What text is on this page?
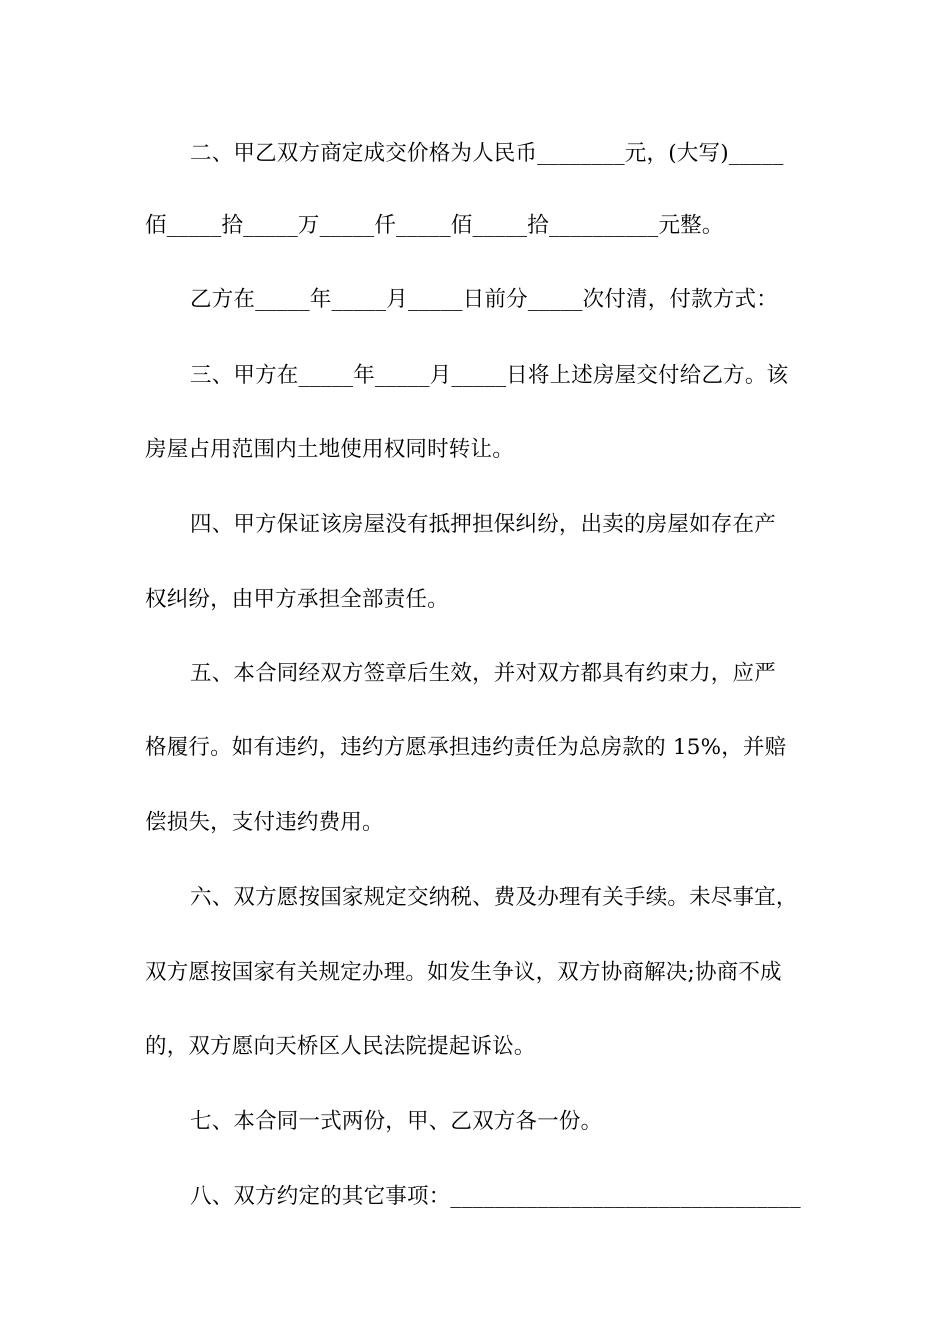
二、甲乙双方商定成交价格为人民币________元，(大写)_____
佰_____拾_____万_____仟_____佰_____拾__________元整。
乙方在_____年_____月_____日前分_____次付清，付款方式：
三、甲方在_____年_____月_____日将上述房屋交付给乙方。该
房屋占用范围内土地使用权同时转让。
四、甲方保证该房屋没有抵押担保纠纷，出卖的房屋如存在产
权纠纷，由甲方承担全部责任。
五、本合同经双方签章后生效，并对双方都具有约束力，应严
格履行。如有违约，违约方愿承担违约责任为总房款的 15%，并赔
偿损失，支付违约费用。
六、双方愿按国家规定交纳税、费及办理有关手续。未尽事宜，
双方愿按国家有关规定办理。如发生争议，双方协商解决;协商不成
的，双方愿向天桥区人民法院提起诉讼。
七、本合同一式两份，甲、乙双方各一份。
八、双方约定的其它事项：________________________________
